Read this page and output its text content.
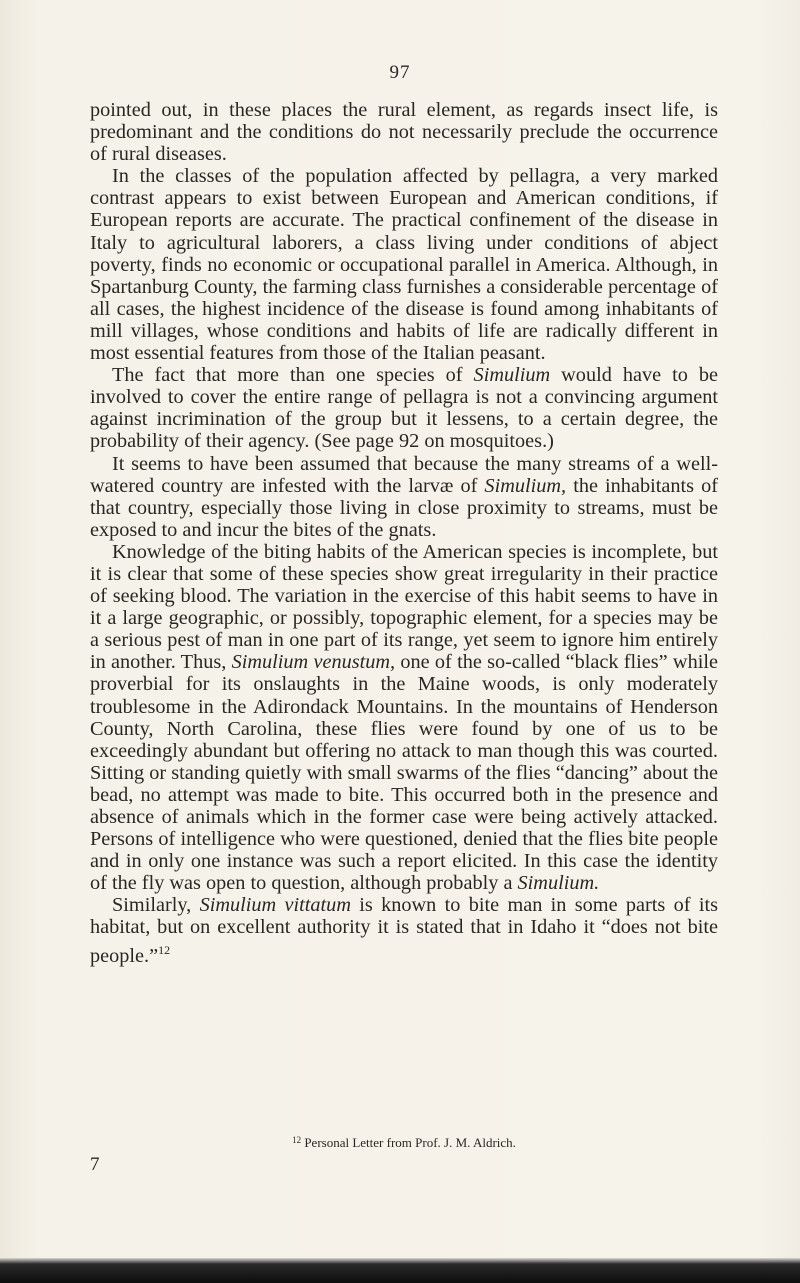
97

pointed out, in these places the rural element, as regards insect life, is predominant and the conditions do not necessarily preclude the occurrence of rural diseases.

In the classes of the population affected by pellagra, a very marked contrast appears to exist between European and American conditions, if European reports are accurate. The practical confinement of the disease in Italy to agricultural laborers, a class living under conditions of abject poverty, finds no economic or occupational parallel in America. Although, in Spartanburg County, the farming class furnishes a considerable percentage of all cases, the highest incidence of the disease is found among inhabitants of mill villages, whose conditions and habits of life are radically different in most essential features from those of the Italian peasant.

The fact that more than one species of Simulium would have to be involved to cover the entire range of pellagra is not a convincing argument against incrimination of the group but it lessens, to a certain degree, the probability of their agency. (See page 92 on mosquitoes.)

It seems to have been assumed that because the many streams of a well-watered country are infested with the larvæ of Simulium, the inhabitants of that country, especially those living in close proximity to streams, must be exposed to and incur the bites of the gnats.

Knowledge of the biting habits of the American species is incomplete, but it is clear that some of these species show great irregularity in their practice of seeking blood. The variation in the exercise of this habit seems to have in it a large geographic, or possibly, topographic element, for a species may be a serious pest of man in one part of its range, yet seem to ignore him entirely in another. Thus, Simulium venustum, one of the so-called “black flies” while proverbial for its onslaughts in the Maine woods, is only moderately troublesome in the Adirondack Mountains. In the mountains of Henderson County, North Carolina, these flies were found by one of us to be exceedingly abundant but offering no attack to man though this was courted. Sitting or standing quietly with small swarms of the flies “dancing” about the bead, no attempt was made to bite. This occurred both in the presence and absence of animals which in the former case were being actively attacked. Persons of intelligence who were questioned, denied that the flies bite people and in only one instance was such a report elicited. In this case the identity of the fly was open to question, although probably a Simulium.

Similarly, Simulium vittatum is known to bite man in some parts of its habitat, but on excellent authority it is stated that in Idaho it “does not bite people.”$^{12}$

$^{12}$ Personal Letter from Prof. J. M. Aldrich.
7
